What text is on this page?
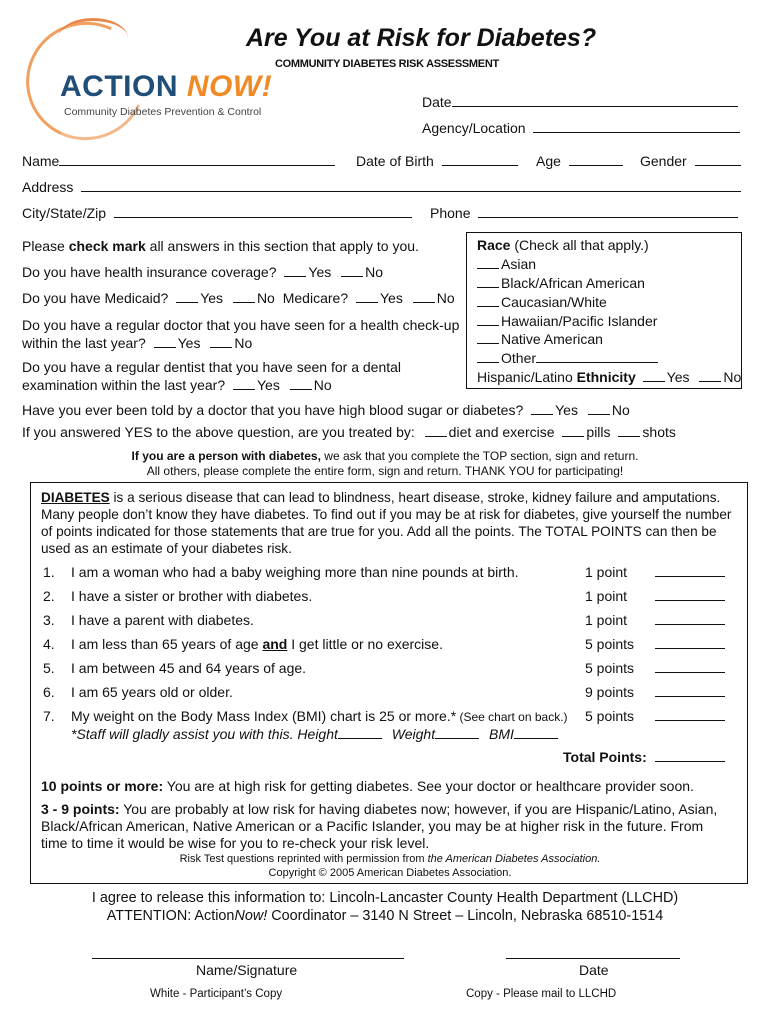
ACTION NOW!
Community Diabetes Prevention & Control
Are You at Risk for Diabetes?
COMMUNITY DIABETES RISK ASSESSMENT
Date
Agency/Location
Name	Date of Birth	Age	Gender
Address
City/State/Zip	Phone
Please check mark all answers in this section that apply to you.
Do you have health insurance coverage? Yes No
Do you have Medicaid? Yes No Medicare? Yes No
Do you have a regular doctor that you have seen for a health check-up
within the last year? Yes No
Do you have a regular dentist that you have seen for a dental
examination within the last year? Yes No
Race (Check all that apply.)
Asian
Black/African American
Caucasian/White
Hawaiian/Pacific Islander
Native American
Other
Hispanic/Latino Ethnicity Yes No
Have you ever been told by a doctor that you have high blood sugar or diabetes? Yes No
If you answered YES to the above question, are you treated by: diet and exercise pills shots
If you are a person with diabetes, we ask that you complete the TOP section, sign and return.
All others, please complete the entire form, sign and return. THANK YOU for participating!
DIABETES is a serious disease that can lead to blindness, heart disease, stroke, kidney failure and amputations.
Many people don’t know they have diabetes. To find out if you may be at risk for diabetes, give yourself the number
of points indicated for those statements that are true for you. Add all the points. The TOTAL POINTS can then be
used as an estimate of your diabetes risk.
1. I am a woman who had a baby weighing more than nine pounds at birth.	1 point
2. I have a sister or brother with diabetes.	1 point
3. I have a parent with diabetes.	1 point
4. I am less than 65 years of age and I get little or no exercise.	5 points
5. I am between 45 and 64 years of age.	5 points
6. I am 65 years old or older.	9 points
7. My weight on the Body Mass Index (BMI) chart is 25 or more.* (See chart on back.) 5 points
*Staff will gladly assist you with this. Height	Weight	BMI
Total Points:
10 points or more: You are at high risk for getting diabetes. See your doctor or healthcare provider soon.
3 - 9 points: You are probably at low risk for having diabetes now; however, if you are Hispanic/Latino, Asian,
Black/African American, Native American or a Pacific Islander, you may be at higher risk in the future. From
time to time it would be wise for you to re-check your risk level.
Risk Test questions reprinted with permission from the American Diabetes Association.
Copyright © 2005 American Diabetes Association.
I agree to release this information to: Lincoln-Lancaster County Health Department (LLCHD)
ATTENTION: ActionNow! Coordinator – 3140 N Street – Lincoln, Nebraska 68510-1514
Name/Signature	Date
White - Participant’s Copy	Copy - Please mail to LLCHD
